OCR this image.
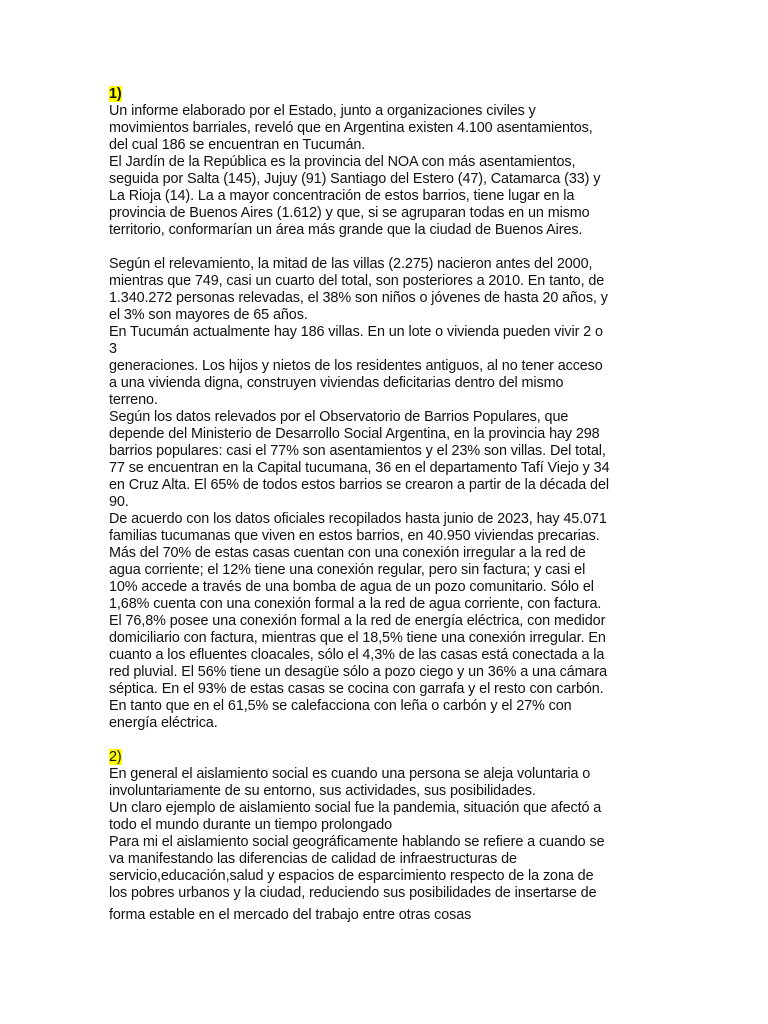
1)
Un informe elaborado por el Estado, junto a organizaciones civiles y
movimientos barriales, reveló que en Argentina existen 4.100 asentamientos,
del cual 186 se encuentran en Tucumán.
El Jardín de la República es la provincia del NOA con más asentamientos,
seguida por Salta (145), Jujuy (91) Santiago del Estero (47), Catamarca (33) y
La Rioja (14). La a mayor concentración de estos barrios, tiene lugar en la
provincia de Buenos Aires (1.612) y que, si se agruparan todas en un mismo
territorio, conformarían un área más grande que la ciudad de Buenos Aires.
Según el relevamiento, la mitad de las villas (2.275) nacieron antes del 2000,
mientras que 749, casi un cuarto del total, son posteriores a 2010. En tanto, de
1.340.272 personas relevadas, el 38% son niños o jóvenes de hasta 20 años, y
el 3% son mayores de 65 años.
En Tucumán actualmente hay 186 villas. En un lote o vivienda pueden vivir 2 o
3
generaciones. Los hijos y nietos de los residentes antiguos, al no tener acceso
a una vivienda digna, construyen viviendas deficitarias dentro del mismo
terreno.
Según los datos relevados por el Observatorio de Barrios Populares, que
depende del Ministerio de Desarrollo Social Argentina, en la provincia hay 298
barrios populares: casi el 77% son asentamientos y el 23% son villas. Del total,
77 se encuentran en la Capital tucumana, 36 en el departamento Tafí Viejo y 34
en Cruz Alta. El 65% de todos estos barrios se crearon a partir de la década del
90.
De acuerdo con los datos oficiales recopilados hasta junio de 2023, hay 45.071
familias tucumanas que viven en estos barrios, en 40.950 viviendas precarias.
Más del 70% de estas casas cuentan con una conexión irregular a la red de
agua corriente; el 12% tiene una conexión regular, pero sin factura; y casi el
10% accede a través de una bomba de agua de un pozo comunitario. Sólo el
1,68% cuenta con una conexión formal a la red de agua corriente, con factura.
El 76,8% posee una conexión formal a la red de energía eléctrica, con medidor
domiciliario con factura, mientras que el 18,5% tiene una conexión irregular. En
cuanto a los efluentes cloacales, sólo el 4,3% de las casas está conectada a la
red pluvial. El 56% tiene un desagüe sólo a pozo ciego y un 36% a una cámara
séptica. En el 93% de estas casas se cocina con garrafa y el resto con carbón.
En tanto que en el 61,5% se calefacciona con leña o carbón y el 27% con
energía eléctrica.
2)
En general el aislamiento social es cuando una persona se aleja voluntaria o
involuntariamente de su entorno, sus actividades, sus posibilidades.
Un claro ejemplo de aislamiento social fue la pandemia, situación que afectó a
todo el mundo durante un tiempo prolongado
Para mi el aislamiento social geográficamente hablando se refiere a cuando se
va manifestando las diferencias de calidad de infraestructuras de
servicio,educación,salud y espacios de esparcimiento respecto de la zona de
los pobres urbanos y la ciudad, reduciendo sus posibilidades de insertarse de
forma estable en el mercado del trabajo entre otras cosas
